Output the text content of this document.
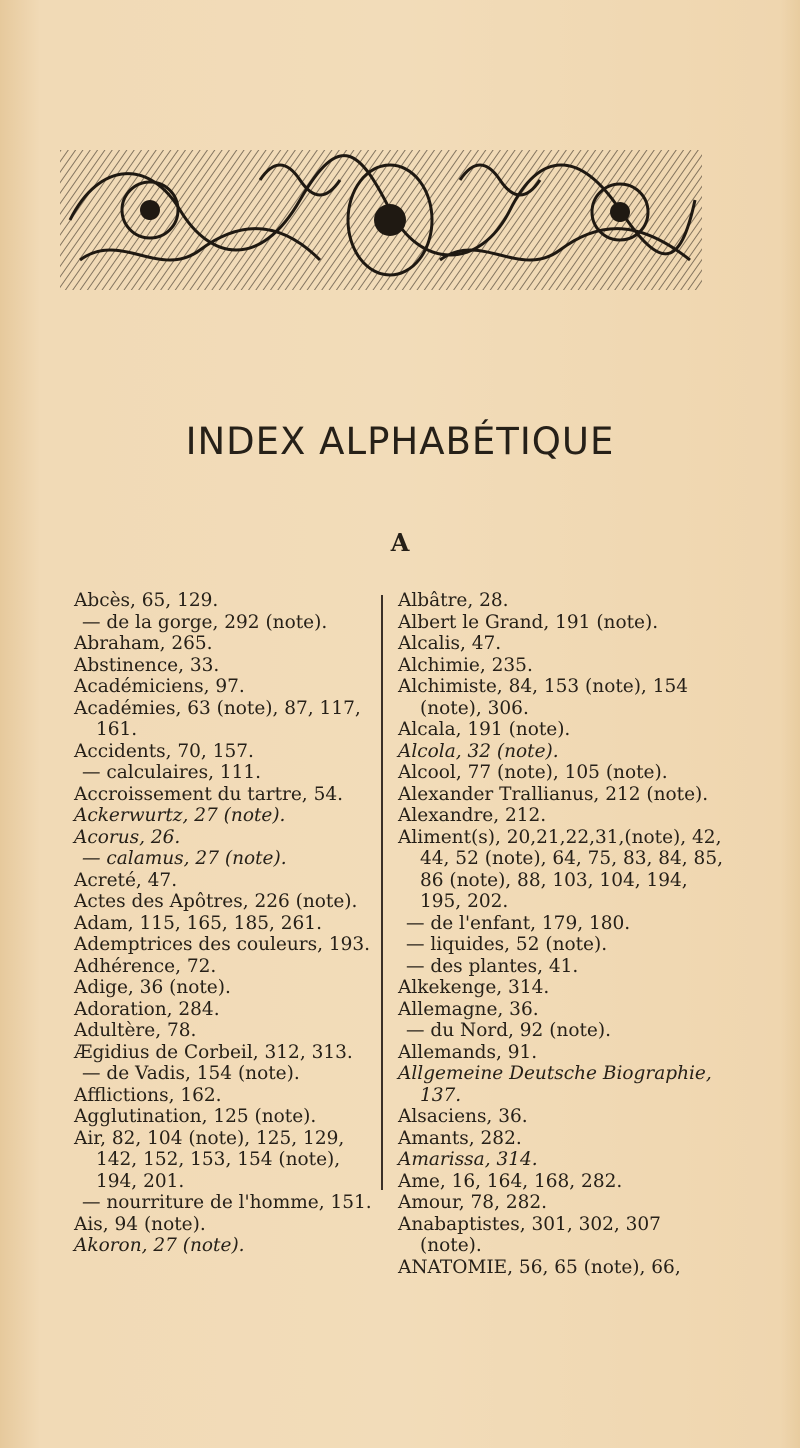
INDEX ALPHABÉTIQUE
A
Abcès, 65, 129.
— de la gorge, 292 (note).
Abraham, 265.
Abstinence, 33.
Académiciens, 97.
Académies, 63 (note), 87, 117, 161.
Accidents, 70, 157.
— calculaires, 111.
Accroissement du tartre, 54.
Ackerwurtz, 27 (note).
Acorus, 26.
— calamus, 27 (note).
Acreté, 47.
Actes des Apôtres, 226 (note).
Adam, 115, 165, 185, 261.
Ademptrices des couleurs, 193.
Adhérence, 72.
Adige, 36 (note).
Adoration, 284.
Adultère, 78.
Ægidius de Corbeil, 312, 313.
— de Vadis, 154 (note).
Afflictions, 162.
Agglutination, 125 (note).
Air, 82, 104 (note), 125, 129, 142, 152, 153, 154 (note), 194, 201.
— nourriture de l'homme, 151.
Ais, 94 (note).
Akoron, 27 (note).
Albâtre, 28.
Albert le Grand, 191 (note).
Alcalis, 47.
Alchimie, 235.
Alchimiste, 84, 153 (note), 154 (note), 306.
Alcala, 191 (note).
Alcola, 32 (note).
Alcool, 77 (note), 105 (note).
Alexander Trallianus, 212 (note).
Alexandre, 212.
Aliment(s), 20,21,22,31,(note), 42, 44, 52 (note), 64, 75, 83, 84, 85, 86 (note), 88, 103, 104, 194, 195, 202.
— de l'enfant, 179, 180.
— liquides, 52 (note).
— des plantes, 41.
Alkekenge, 314.
Allemagne, 36.
— du Nord, 92 (note).
Allemands, 91.
Allgemeine Deutsche Biographie, 137.
Alsaciens, 36.
Amants, 282.
Amarissa, 314.
Ame, 16, 164, 168, 282.
Amour, 78, 282.
Anabaptistes, 301, 302, 307 (note).
ANATOMIE, 56, 65 (note), 66,
